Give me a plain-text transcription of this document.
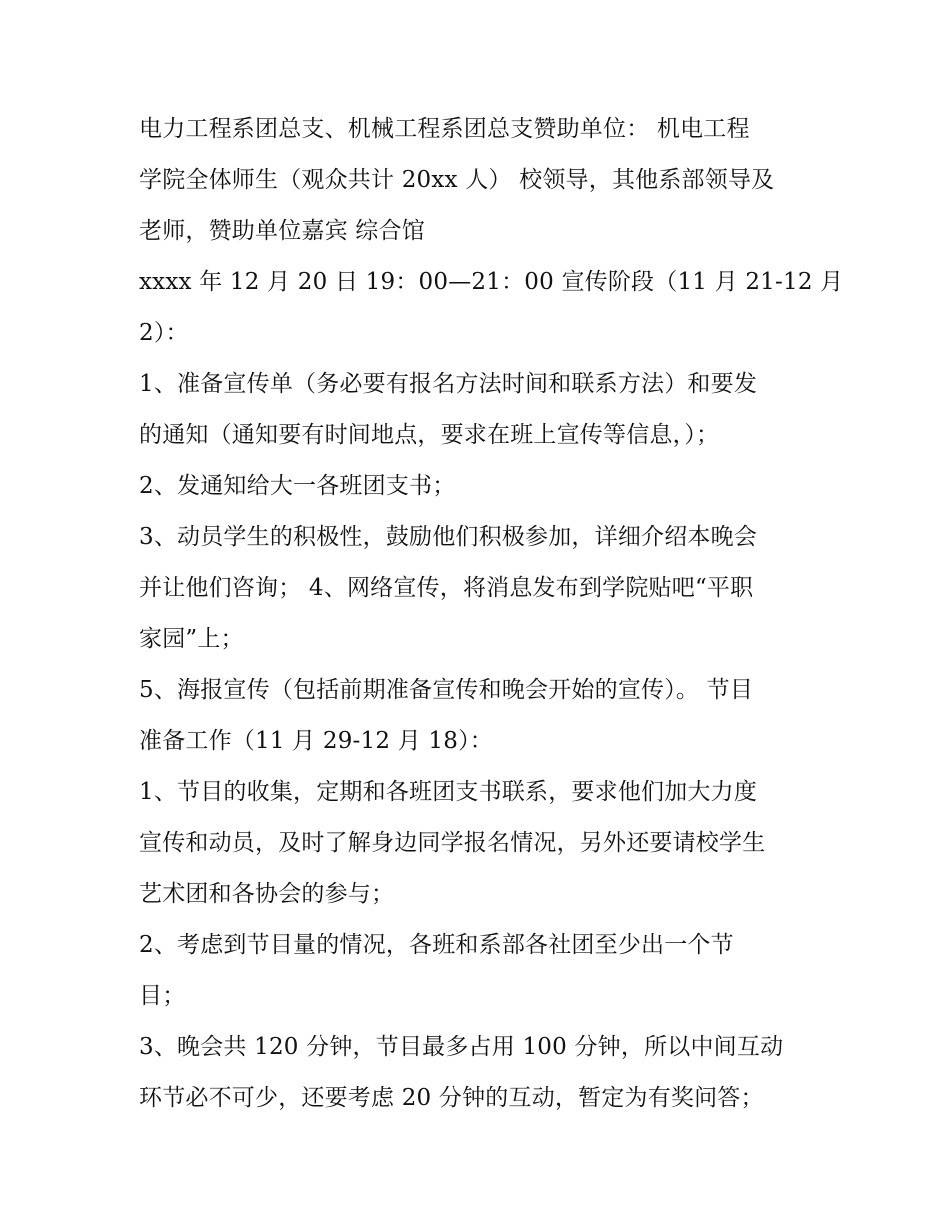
电力工程系团总支、机械工程系团总支赞助单位： 机电工程
学院全体师生（观众共计 20xx 人） 校领导，其他系部领导及
老师，赞助单位嘉宾 综合馆
xxxx 年 12 月 20 日 19：00—21：00 宣传阶段（11 月 21-12 月
2）：
1、准备宣传单（务必要有报名方法时间和联系方法）和要发
的通知（通知要有时间地点，要求在班上宣传等信息，）；
2、发通知给大一各班团支书；
3、动员学生的积极性，鼓励他们积极参加，详细介绍本晚会
并让他们咨询； 4、网络宣传，将消息发布到学院贴吧“平职
家园”上；
5、海报宣传（包括前期准备宣传和晚会开始的宣传）。 节目
准备工作（11 月 29-12 月 18）：
1、节目的收集，定期和各班团支书联系，要求他们加大力度
宣传和动员，及时了解身边同学报名情况，另外还要请校学生
艺术团和各协会的参与；
2、考虑到节目量的情况，各班和系部各社团至少出一个节
目；
3、晚会共 120 分钟，节目最多占用 100 分钟，所以中间互动
环节必不可少，还要考虑 20 分钟的互动，暂定为有奖问答；
